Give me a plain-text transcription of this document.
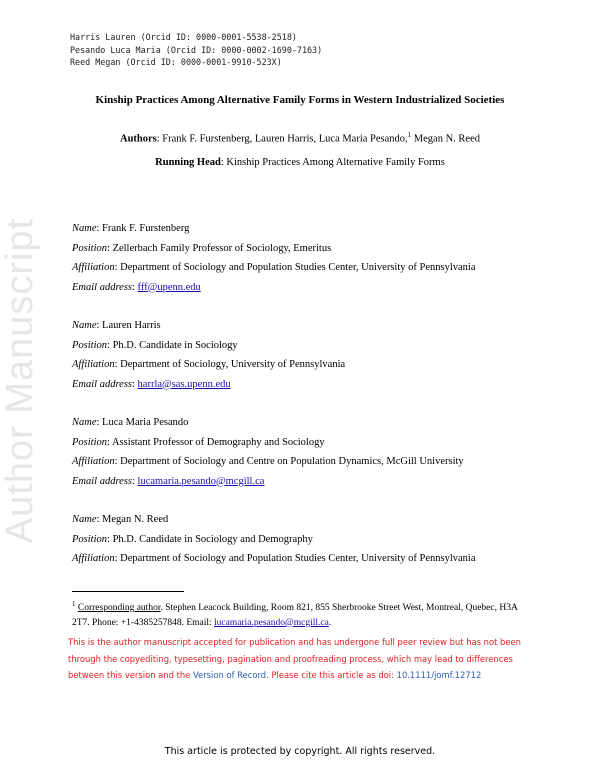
Author Manuscript
Harris Lauren (Orcid ID: 0000-0001-5538-2518)
Pesando Luca Maria (Orcid ID: 0000-0002-1690-7163)
Reed Megan (Orcid ID: 0000-0001-9910-523X)
Kinship Practices Among Alternative Family Forms in Western Industrialized Societies
Authors: Frank F. Furstenberg, Lauren Harris, Luca Maria Pesando,$^1$ Megan N. Reed
Running Head: Kinship Practices Among Alternative Family Forms
Name: Frank F. Furstenberg
Position: Zellerbach Family Professor of Sociology, Emeritus
Affiliation: Department of Sociology and Population Studies Center, University of Pennsylvania
Email address: fff@upenn.edu
Name: Lauren Harris
Position: Ph.D. Candidate in Sociology
Affiliation: Department of Sociology, University of Pennsylvania
Email address: harrla@sas.upenn.edu
Name: Luca Maria Pesando
Position: Assistant Professor of Demography and Sociology
Affiliation: Department of Sociology and Centre on Population Dynamics, McGill University
Email address: lucamaria.pesando@mcgill.ca
Name: Megan N. Reed
Position: Ph.D. Candidate in Sociology and Demography
Affiliation: Department of Sociology and Population Studies Center, University of Pennsylvania
$^1$ Corresponding author. Stephen Leacock Building, Room 821, 855 Sherbrooke Street West, Montreal, Quebec, H3A 2T7. Phone: +1-4385257848. Email: lucamaria.pesando@mcgill.ca.
This is the author manuscript accepted for publication and has undergone full peer review but has not been through the copyediting, typesetting, pagination and proofreading process, which may lead to differences between this version and the Version of Record. Please cite this article as doi: 10.1111/jomf.12712
This article is protected by copyright. All rights reserved.
